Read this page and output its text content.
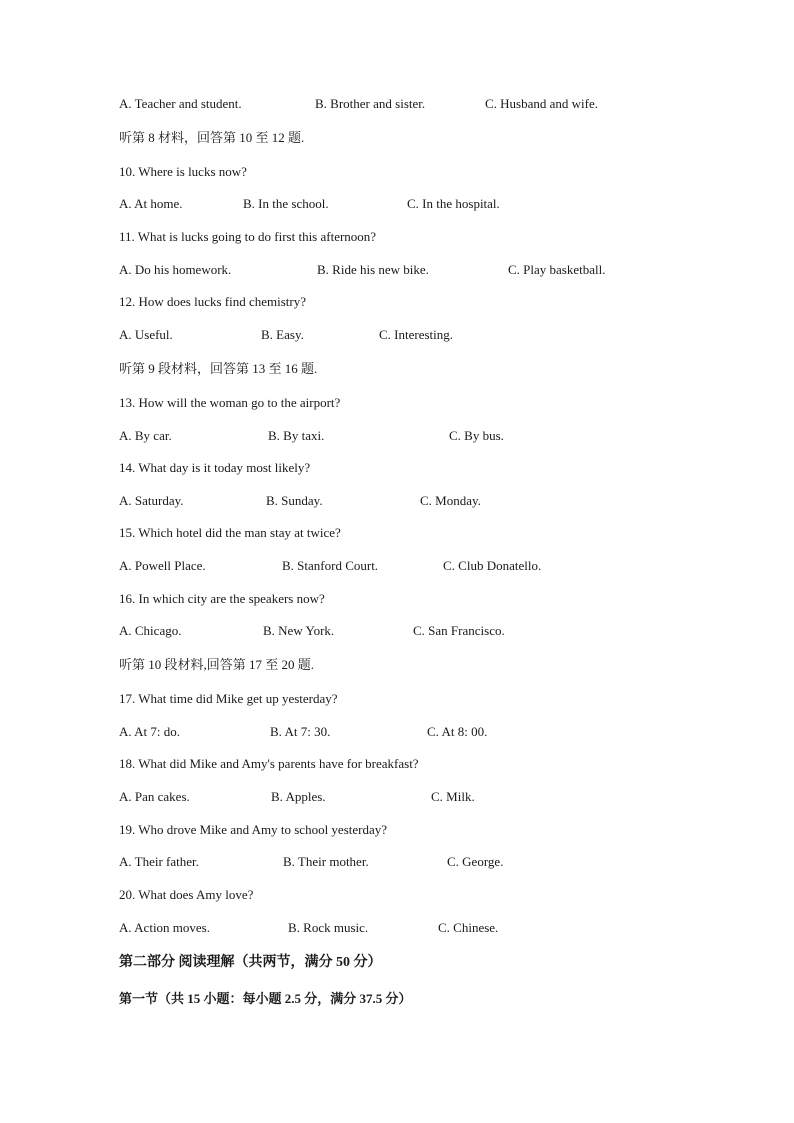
A. Teacher and student.	B. Brother and sister.	C. Husband and wife.
听第 8 材料，回答第 10 至 12 题.
10. Where is lucks now?
A. At home.	B. In the school.	C. In the hospital.
11. What is lucks going to do first this afternoon?
A. Do his homework.	B. Ride his new bike.	C. Play basketball.
12. How does lucks find chemistry?
A. Useful.	B. Easy.	C. Interesting.
听第 9 段材料，回答第 13 至 16 题.
13. How will the woman go to the airport?
A. By car.	B. By taxi.	C. By bus.
14. What day is it today most likely?
A. Saturday.	B. Sunday.	C. Monday.
15. Which hotel did the man stay at twice?
A. Powell Place.	B. Stanford Court.	C. Club Donatello.
16. In which city are the speakers now?
A. Chicago.	B. New York.	C. San Francisco.
听第 10 段材料,回答第 17 至 20 题.
17. What time did Mike get up yesterday?
A. At 7: do.	B. At 7: 30.	C. At 8: 00.
18. What did Mike and Amy's parents have for breakfast?
A. Pan cakes.	B. Apples.	C. Milk.
19. Who drove Mike and Amy to school yesterday?
A. Their father.	B. Their mother.	C. George.
20. What does Amy love?
A. Action moves.	B. Rock music.	C. Chinese.
第二部分 阅读理解（共两节，满分 50 分）
第一节（共 15 小题：每小题 2.5 分，满分 37.5 分）
